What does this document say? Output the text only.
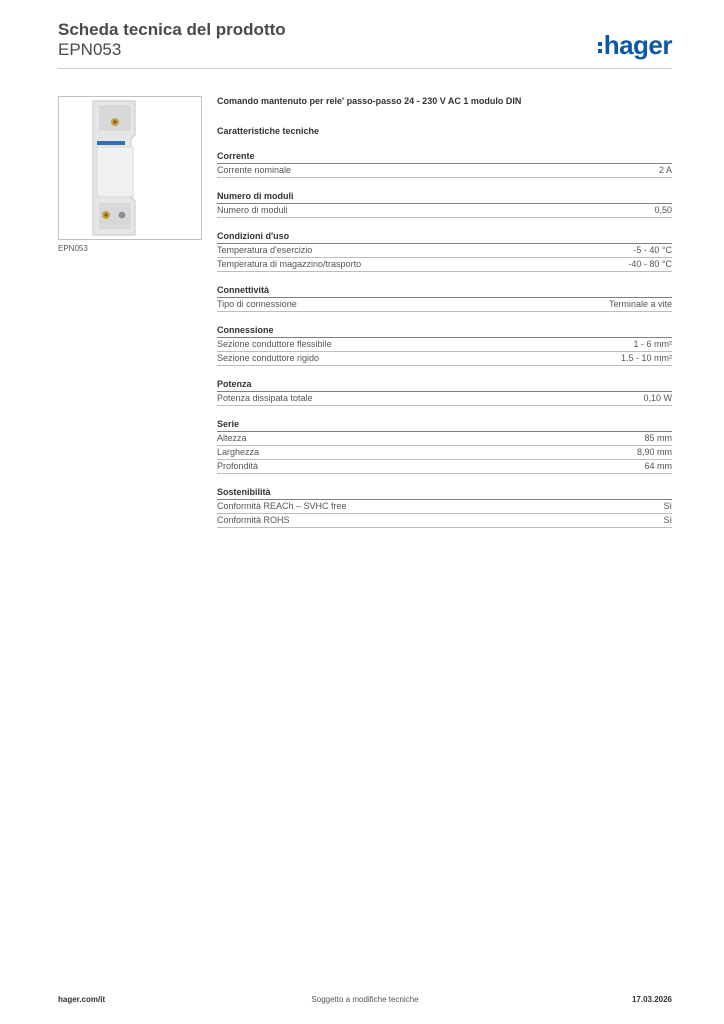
Scheda tecnica del prodotto
EPN053	hager
EPN053
Comando mantenuto per rele' passo-passo 24 - 230 V AC 1 modulo DIN
Caratteristiche tecniche
Corrente
Corrente nominale	2 A
Numero di moduli
Numero di moduli	0,50
Condizioni d'uso
Temperatura d'esercizio	-5 - 40 °C
Temperatura di magazzino/trasporto	-40 - 80 °C
Connettività
Tipo di connessione	Terminale a vite
Connessione
Sezione conduttore flessibile	1 - 6 mm²
Sezione conduttore rigido	1.5 - 10 mm²
Potenza
Potenza dissipata totale	0,10 W
Serie
Altezza	85 mm
Larghezza	8,90 mm
Profondità	64 mm
Sostenibilità
Conformità REACh – SVHC free	Sì
Conformità ROHS	Sì
hager.com/it	Soggetto a modifiche tecniche	17.03.2026
